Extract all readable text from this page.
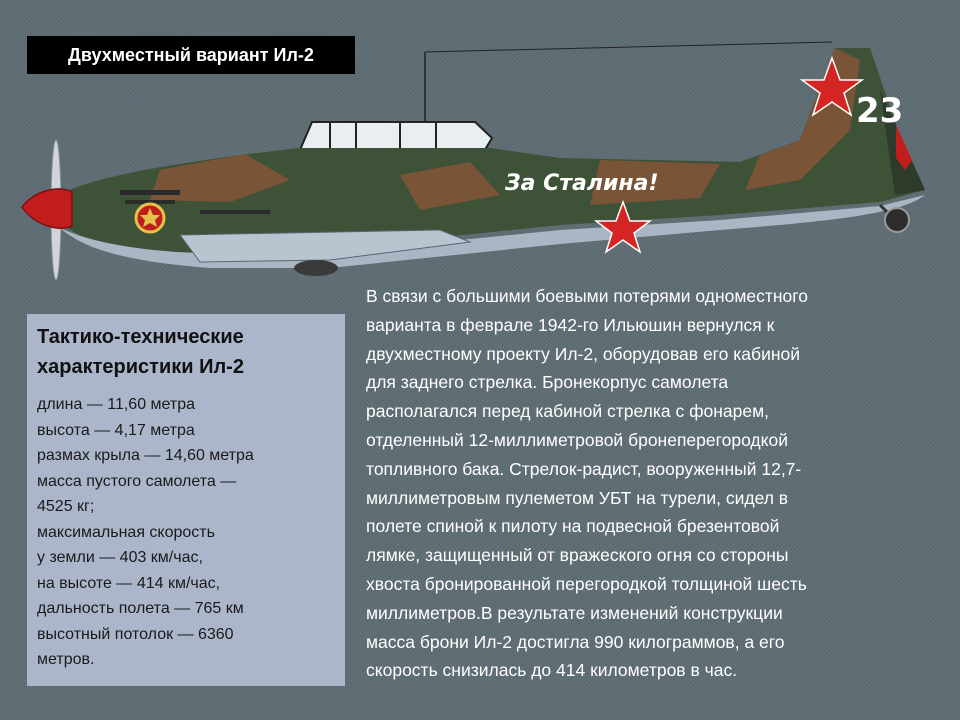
За Сталина!
23
Двухместный вариант Ил-2
Тактико-технические
характеристики Ил-2
длина — 11,60 метра
высота — 4,17 метра
размах крыла — 14,60 метра
масса пустого самолета —
4525 кг;
максимальная скорость
у земли — 403 км/час,
на высоте — 414 км/час,
дальность полета — 765 км
высотный потолок — 6360
метров.
В связи с большими боевыми потерями одноместного
варианта в феврале 1942-го Ильюшин вернулся к
двухместному проекту Ил-2, оборудовав его кабиной
для заднего стрелка. Бронекорпус самолета
располагался перед кабиной стрелка с фонарем,
отделенный 12-миллиметровой бронеперегородкой
топливного бака. Стрелок-радист, вооруженный 12,7-
миллиметровым пулеметом УБТ на турели, сидел в
полете спиной к пилоту на подвесной брезентовой
лямке, защищенный от вражеского огня со стороны
хвоста бронированной перегородкой толщиной шесть
миллиметров.В результате изменений конструкции
масса брони Ил-2 достигла 990 килограммов, а его
скорость снизилась до 414 километров в час.
